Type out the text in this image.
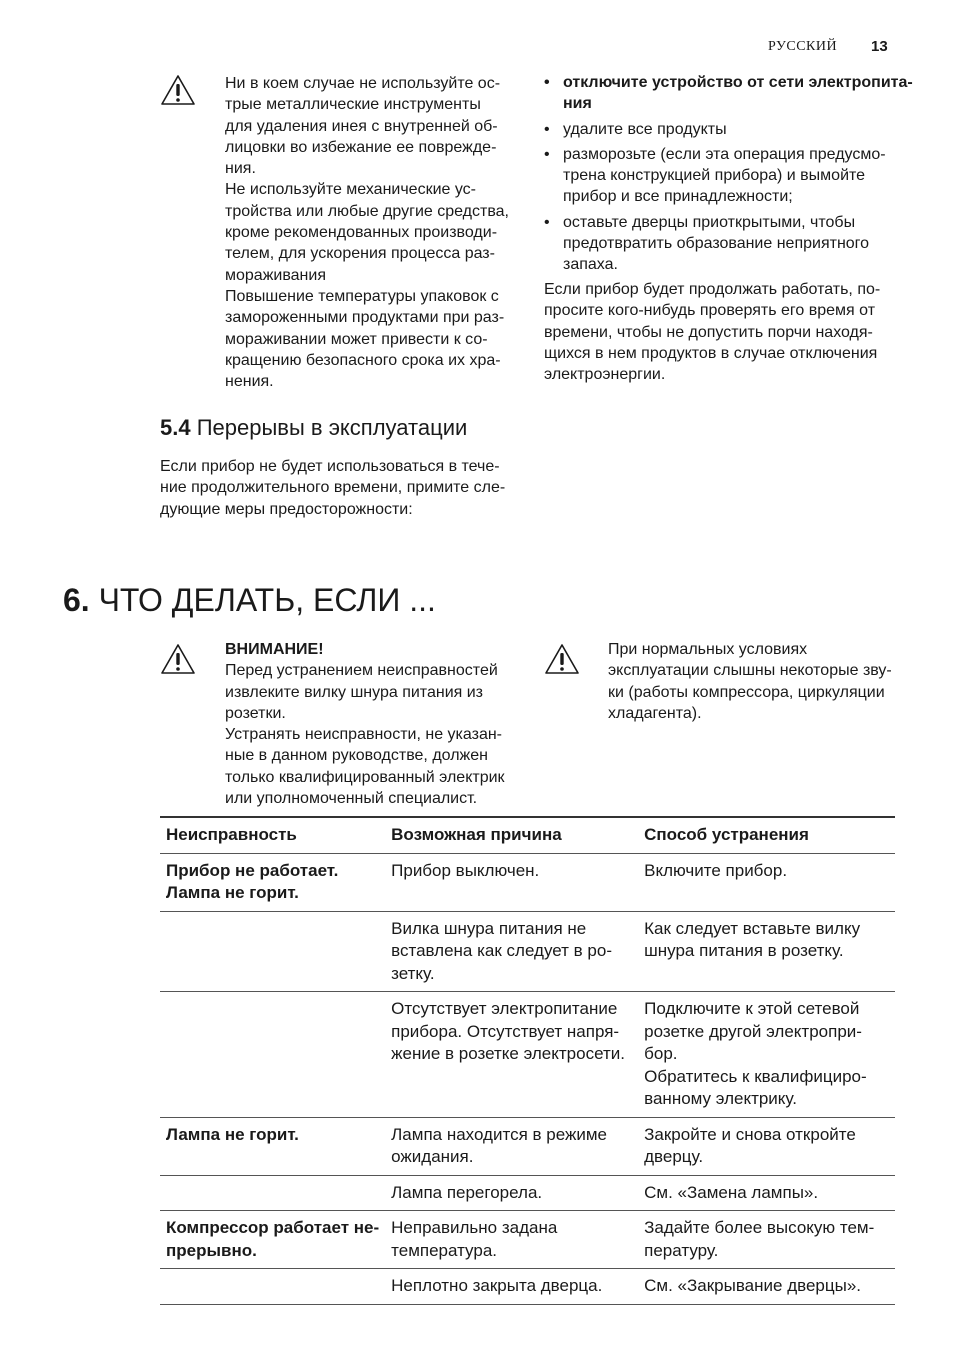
РУССКИЙ 13
Ни в коем случае не используйте ос-
трые металлические инструменты
для удаления инея с внутренней об-
лицовки во избежание ее поврежде-
ния.
Не используйте механические ус-
тройства или любые другие средства,
кроме рекомендованных производи-
телем, для ускорения процесса раз-
мораживания
Повышение температуры упаковок с
замороженными продуктами при раз-
мораживании может привести к со-
кращению безопасного срока их хра-
нения.
• отключите устройство от сети электропита-
ния
• удалите все продукты
• разморозьте (если эта операция предусмо-
трена конструкцией прибора) и вымойте
прибор и все принадлежности;
• оставьте дверцы приоткрытыми, чтобы
предотвратить образование неприятного
запаха.
Если прибор будет продолжать работать, по-
просите кого-нибудь проверять его время от
времени, чтобы не допустить порчи находя-
щихся в нем продуктов в случае отключения
электроэнергии.
5.4 Перерывы в эксплуатации
Если прибор не будет использоваться в тече-
ние продолжительного времени, примите сле-
дующие меры предосторожности:
6. ЧТО ДЕЛАТЬ, ЕСЛИ ...
ВНИМАНИЕ!
Перед устранением неисправностей
извлеките вилку шнура питания из
розетки.
Устранять неисправности, не указан-
ные в данном руководстве, должен
только квалифицированный электрик
или уполномоченный специалист.
При нормальных условиях
эксплуатации слышны некоторые зву-
ки (работы компрессора, циркуляции
хладагента).
Неисправность	Возможная причина	Способ устранения

Прибор не работает.
Лампа не горит.	Прибор выключен.	Включите прибор.

	Вилка шнура питания не
вставлена как следует в ро-
зетку.	Как следует вставьте вилку
шнура питания в розетку.

	Отсутствует электропитание
прибора. Отсутствует напря-
жение в розетке электросети.	Подключите к этой сетевой
розетке другой электропри-
бор.
Обратитесь к квалифициро-
ванному электрику.

Лампа не горит.	Лампа находится в режиме
ожидания.	Закройте и снова откройте
дверцу.

	Лампа перегорела.	См. «Замена лампы».

Компрессор работает не-
прерывно.	Неправильно задана
температура.	Задайте более высокую тем-
пературу.

	Неплотно закрыта дверца.	См. «Закрывание дверцы».
